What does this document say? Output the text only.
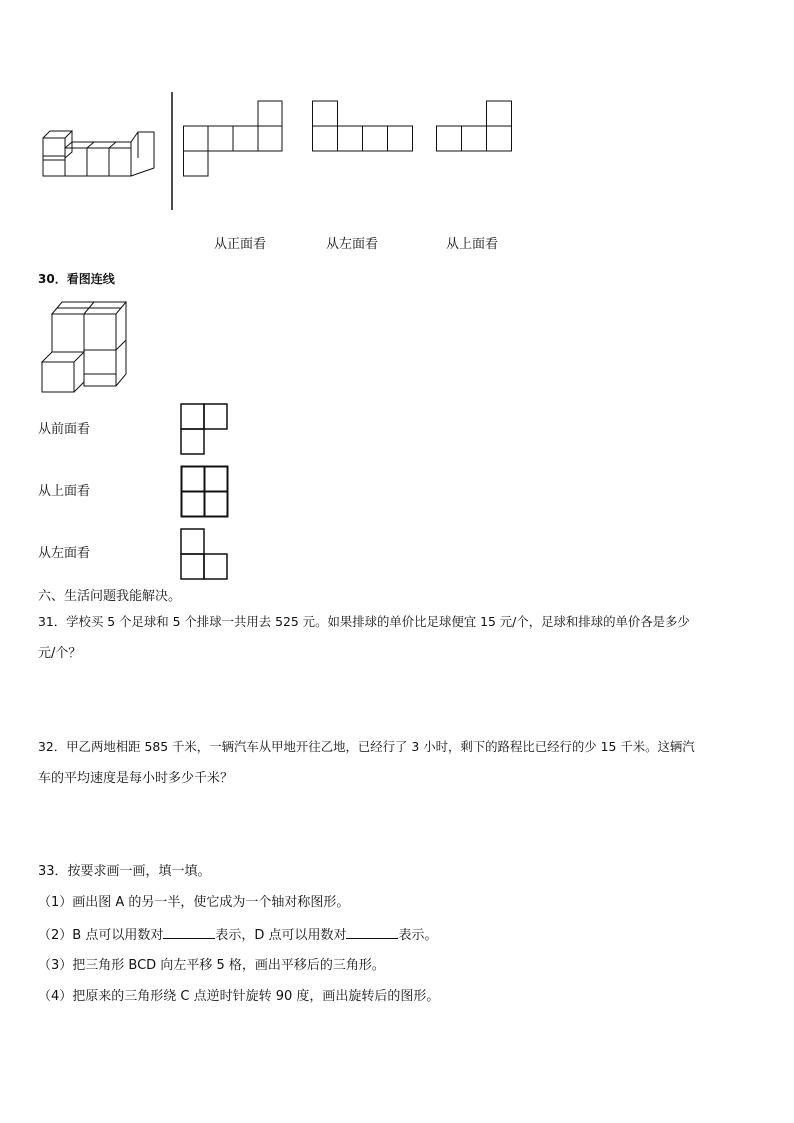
从正面看	从左面看	从上面看
30．看图连线
从前面看
从上面看
从左面看
六、生活问题我能解决。
31．学校买 5 个足球和 5 个排球一共用去 525 元。如果排球的单价比足球便宜 15 元/个，足球和排球的单价各是多少
元/个？
32．甲乙两地相距 585 千米，一辆汽车从甲地开往乙地，已经行了 3 小时，剩下的路程比已经行的少 15 千米。这辆汽
车的平均速度是每小时多少千米？
33．按要求画一画，填一填。
（1）画出图 A 的另一半，使它成为一个轴对称图形。
（2）B 点可以用数对	表示，D 点可以用数对	表示。
（3）把三角形 BCD 向左平移 5 格，画出平移后的三角形。
（4）把原来的三角形绕 C 点逆时针旋转 90 度，画出旋转后的图形。
